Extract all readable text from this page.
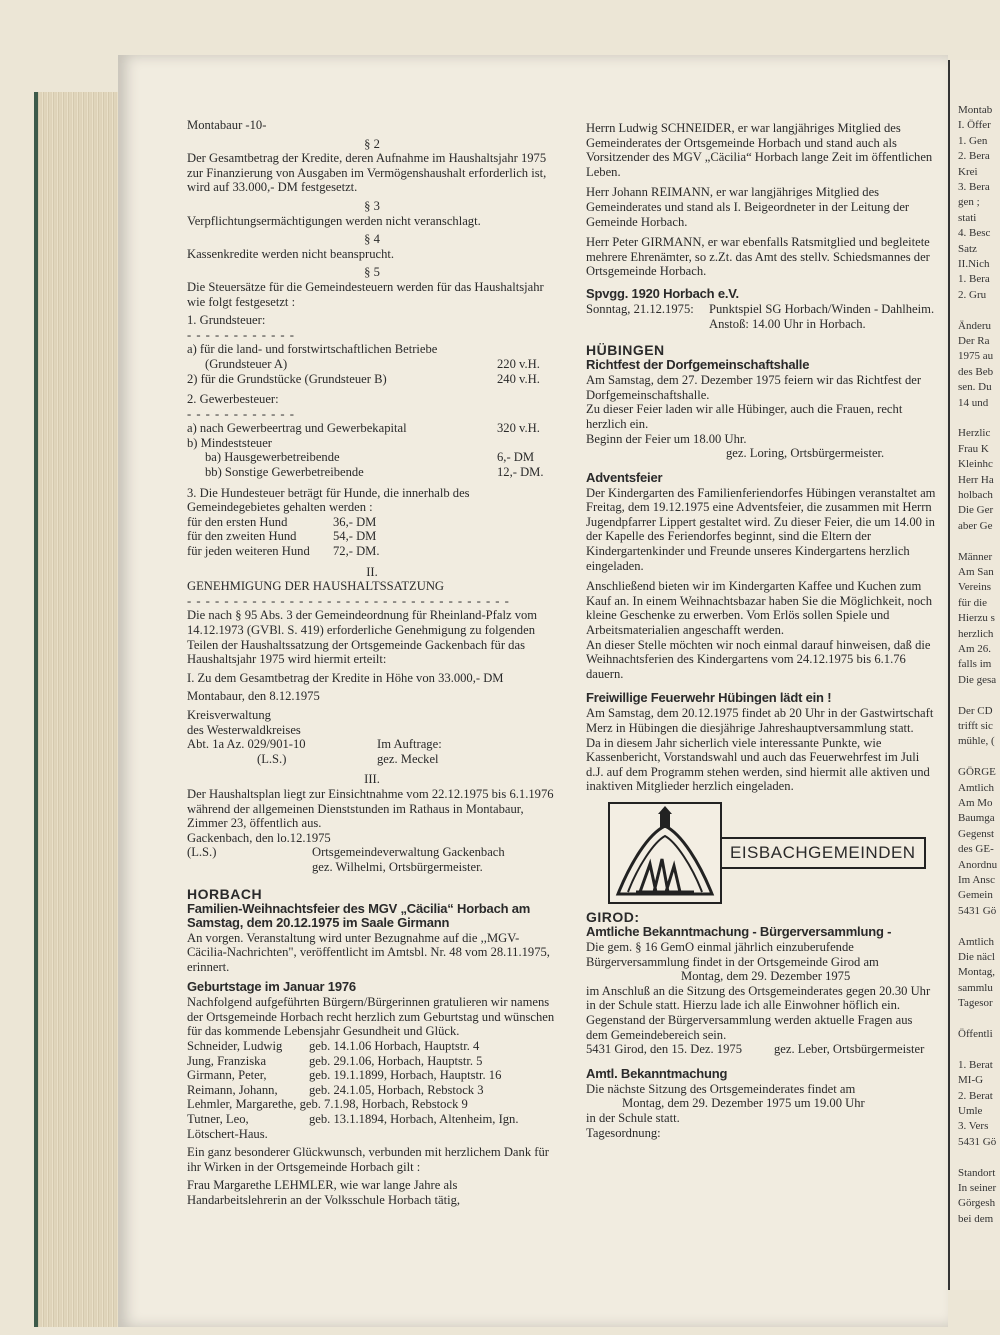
Montabaur -10-
§ 2
Der Gesamtbetrag der Kredite, deren Aufnahme im Haushaltsjahr 1975 zur Finanzierung von Ausgaben im Vermögenshaushalt erforderlich ist, wird auf 33.000,- DM festgesetzt.
§ 3
Verpflichtungsermächtigungen werden nicht veranschlagt.
§ 4
Kassenkredite werden nicht beansprucht.
§ 5
Die Steuersätze für die Gemeindesteuern werden für das Haushaltsjahr wie folgt festgesetzt :
1. Grundsteuer:
- - - - - - - - - - - -
a) für die land- und forstwirtschaftlichen Betriebe
(Grundsteuer A)	220 v.H.
2) für die Grundstücke (Grundsteuer B)	240 v.H.
2. Gewerbesteuer:
- - - - - - - - - - - -
a) nach Gewerbeertrag und Gewerbekapital	320 v.H.
b) Mindeststeuer
ba) Hausgewerbetreibende	6,- DM
bb) Sonstige Gewerbetreibende	12,- DM.
3. Die Hundesteuer beträgt für Hunde, die innerhalb des Gemeindegebietes gehalten werden :
für den ersten Hund	36,- DM
für den zweiten Hund	54,- DM
für jeden weiteren Hund	72,- DM.
II.
GENEHMIGUNG DER HAUSHALTSSATZUNG
- - - - - - - - - - - - - - - - - - - - - - - - - - - - - - - - - - -
Die nach § 95 Abs. 3 der Gemeindeordnung für Rheinland-Pfalz vom 14.12.1973 (GVBl. S. 419) erforderliche Genehmigung zu folgenden Teilen der Haushaltssatzung der Ortsgemeinde Gackenbach für das Haushaltsjahr 1975 wird hiermit erteilt:
I. Zu dem Gesamtbetrag der Kredite in Höhe von 33.000,- DM
Montabaur, den 8.12.1975
Kreisverwaltung
des Westerwaldkreises
Abt. 1a Az. 029/901-10	Im Auftrage:
(L.S.)	gez. Meckel
III.
Der Haushaltsplan liegt zur Einsichtnahme vom 22.12.1975 bis 6.1.1976 während der allgemeinen Dienststunden im Rathaus in Montabaur, Zimmer 23, öffentlich aus.
Gackenbach, den lo.12.1975
(L.S.)	Ortsgemeindeverwaltung Gackenbach
gez. Wilhelmi, Ortsbürgermeister.
HORBACH
Familien-Weihnachtsfeier des MGV „Cäcilia“ Horbach am Samstag, dem 20.12.1975 im Saale Girmann
An vorgen. Veranstaltung wird unter Bezugnahme auf die ,,MGV-Cäcilia-Nachrichten", veröffentlicht im Amtsbl. Nr. 48 vom 28.11.1975, erinnert.
Geburtstage im Januar 1976
Nachfolgend aufgeführten Bürgern/Bürgerinnen gratulieren wir namens der Ortsgemeinde Horbach recht herzlich zum Geburtstag und wünschen für das kommende Lebensjahr Gesundheit und Glück.
Schneider, Ludwig	geb. 14.1.06 Horbach, Hauptstr. 4
Jung, Franziska	geb. 29.1.06, Horbach, Hauptstr. 5
Girmann, Peter,	geb. 19.1.1899, Horbach, Hauptstr. 16
Reimann, Johann,	geb. 24.1.05, Horbach, Rebstock 3
Lehmler, Margarethe,
geb. 7.1.98, Horbach, Rebstock 9
Tutner, Leo,	geb. 13.1.1894, Horbach, Altenheim, Ign.
Lötschert-Haus.
Ein ganz besonderer Glückwunsch, verbunden mit herzlichem Dank für ihr Wirken in der Ortsgemeinde Horbach gilt :
Frau Margarethe LEHMLER, wie war lange Jahre als Handarbeitslehrerin an der Volksschule Horbach tätig,
Herrn Ludwig SCHNEIDER, er war langjähriges Mitglied des Gemeinderates der Ortsgemeinde Horbach und stand auch als Vorsitzender des MGV „Cäcilia“ Horbach lange Zeit im öffentlichen Leben.
Herr Johann REIMANN, er war langjähriges Mitglied des Gemeinderates und stand als I. Beigeordneter in der Leitung der Gemeinde Horbach.
Herr Peter GIRMANN, er war ebenfalls Ratsmitglied und begleitete mehrere Ehrenämter, so z.Zt. das Amt des stellv. Schiedsmannes der Ortsgemeinde Horbach.
Spvgg. 1920 Horbach e.V.
Sonntag, 21.12.1975:	Punktspiel SG Horbach/Winden - Dahlheim. Anstoß: 14.00 Uhr in Horbach.
HÜBINGEN
Richtfest der Dorfgemeinschaftshalle
Am Samstag, dem 27. Dezember 1975 feiern wir das Richtfest der Dorfgemeinschaftshalle.
Zu dieser Feier laden wir alle Hübinger, auch die Frauen, recht herzlich ein.
Beginn der Feier um 18.00 Uhr.
gez. Loring, Ortsbürgermeister.
Adventsfeier
Der Kindergarten des Familienferiendorfes Hübingen veranstaltet am Freitag, dem 19.12.1975 eine Adventsfeier, die zusammen mit Herrn Jugendpfarrer Lippert gestaltet wird. Zu dieser Feier, die um 14.00 in der Kapelle des Feriendorfes beginnt, sind die Eltern der Kindergartenkinder und Freunde unseres Kindergartens herzlich eingeladen.
Anschließend bieten wir im Kindergarten Kaffee und Kuchen zum Kauf an. In einem Weihnachtsbazar haben Sie die Möglichkeit, noch kleine Geschenke zu erwerben. Vom Erlös sollen Spiele und Arbeitsmaterialien angeschafft werden.
An dieser Stelle möchten wir noch einmal darauf hinweisen, daß die Weihnachtsferien des Kindergartens vom 24.12.1975 bis 6.1.76 dauern.
Freiwillige Feuerwehr Hübingen lädt ein !
Am Samstag, dem 20.12.1975 findet ab 20 Uhr in der Gastwirtschaft Merz in Hübingen die diesjährige Jahreshauptversammlung statt.
Da in diesem Jahr sicherlich viele interessante Punkte, wie Kassenbericht, Vorstandswahl und auch das Feuerwehrfest im Juli d.J. auf dem Programm stehen werden, sind hiermit alle aktiven und inaktiven Mitglieder herzlich eingeladen.
EISBACHGEMEINDEN
GIROD:
Amtliche Bekanntmachung - Bürgerversammlung -
Die gem. § 16 GemO einmal jährlich einzuberufende Bürgerversammlung findet in der Ortsgemeinde Girod am
Montag, dem 29. Dezember 1975
im Anschluß an die Sitzung des Ortsgemeinderates gegen 20.30 Uhr in der Schule statt. Hierzu lade ich alle Einwohner höflich ein.
Gegenstand der Bürgerversammlung werden aktuelle Fragen aus dem Gemeindebereich sein.
5431 Girod, den 15. Dez. 1975	gez. Leber, Ortsbürgermeister
Amtl. Bekanntmachung
Die nächste Sitzung des Ortsgemeinderates findet am
Montag, dem 29. Dezember 1975 um 19.00 Uhr
in der Schule statt.
Tagesordnung:
Montab
I. Öffer
1. Gen
2. Bera
Krei
3. Bera
gen ;
stati
4. Besc
Satz
II.Nich
1. Bera
2. Gru
Änderu
Der Ra
1975 au
des Beb
sen. Du
14 und
Herzlic
Frau K
Kleinhc
Herr Ha
holbach
Die Ger
aber Ge
Männer
Am San
Vereins
für die
Hierzu s
herzlich
Am 26.
falls im
Die gesa
Der CD
trifft sic
mühle, (
GÖRGE
Amtlich
Am Mo
Baumga
Gegenst
des GE-
Anordnu
Im Ansc
Gemein
5431 Gö
Amtlich
Die näcl
Montag,
sammlu
Tagesor
Öffentli
1. Berat
MI-G
2. Berat
Umle
3. Vers
5431 Gö
Standort
In seiner
Görgesh
bei dem
